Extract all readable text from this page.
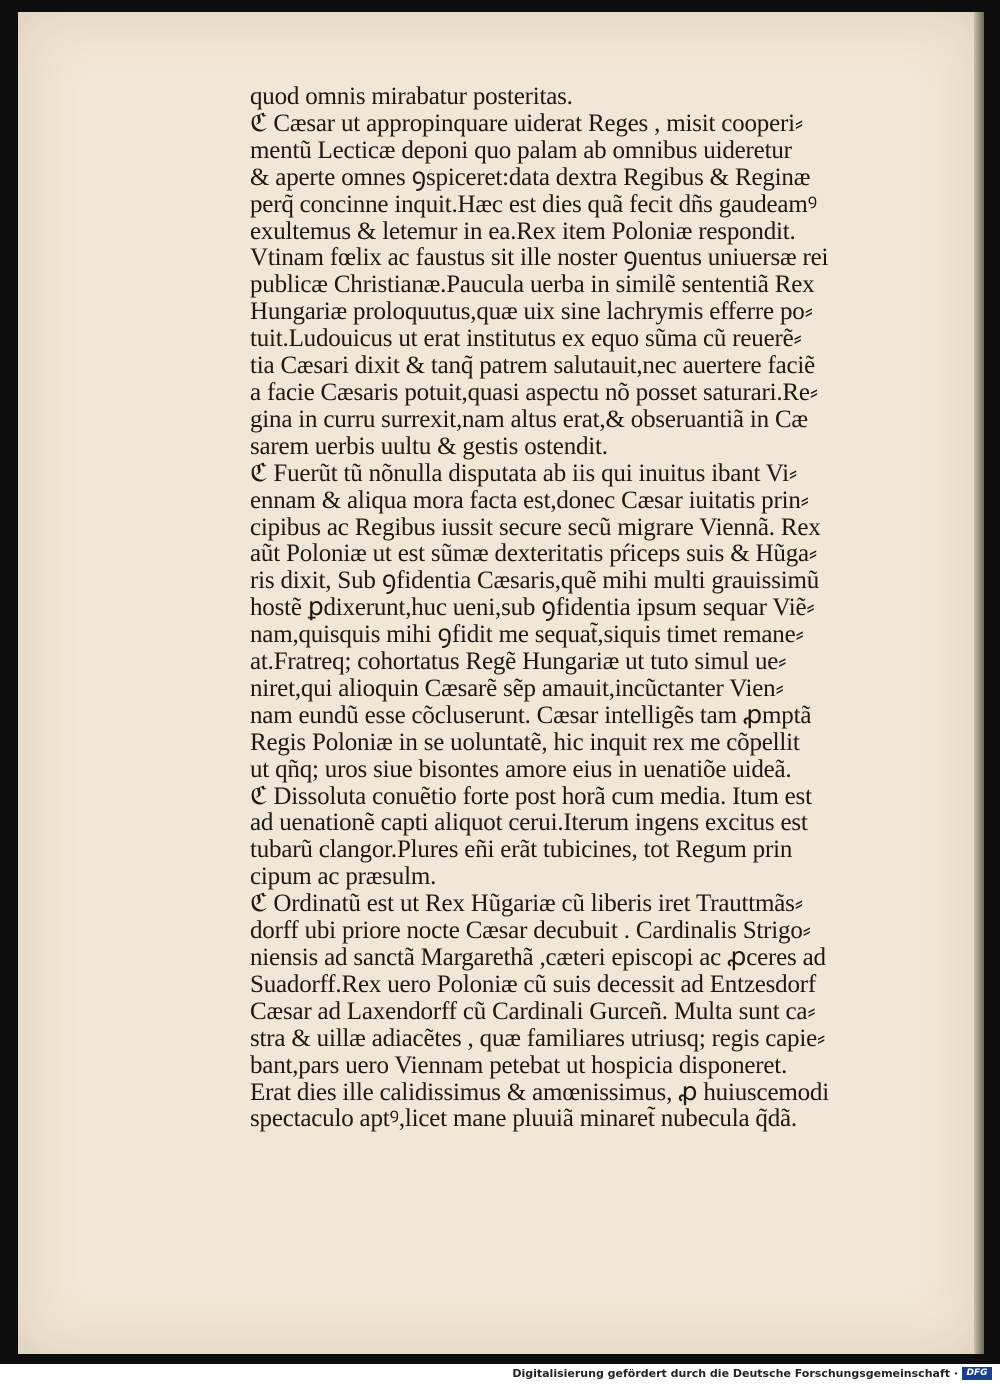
quod omnis mirabatur posteritas.
ℭ Cæsar ut appropinquare uiderat Reges , misit cooperi⸗
mentũ Lecticæ deponi quo palam ab omnibus uideretur
& aperte omnes ꝯspiceret:data dextra Regibus & Reginæ
perq̃ concinne inquit.Hæc est dies quã fecit dñs gaudeamꝰ
exultemus & letemur in ea.Rex item Poloniæ respondit.
Vtinam fœlix ac faustus sit ille noster ꝯuentus uniuersæ rei
publicæ Christianæ.Paucula uerba in similẽ sententiã Rex
Hungariæ proloquutus,quæ uix sine lachrymis efferre po⸗
tuit.Ludouicus ut erat institutus ex equo sũma cũ reuerẽ⸗
tia Cæsari dixit & tanq̃ patrem salutauit,nec auertere faciẽ
a facie Cæsaris potuit,quasi aspectu nõ posset saturari.Re⸗
gina in curru surrexit,nam altus erat,& obseruantiã in Cæ
sarem uerbis uultu & gestis ostendit.
ℭ Fuerũt tũ nõnulla disputata ab iis qui inuitus ibant Vi⸗
ennam & aliqua mora facta est,donec Cæsar iuitatis prin⸗
cipibus ac Regibus iussit secure secũ migrare Viennã. Rex
aũt Poloniæ ut est sũmæ dexteritatis pŕiceps suis & Hũga⸗
ris dixit, Sub ꝯfidentia Cæsaris,quẽ mihi multi grauissimũ
hostẽ ꝑdixerunt,huc ueni,sub ꝯfidentia ipsum sequar Viẽ⸗
nam,quisquis mihi ꝯfidit me sequat̃,siquis timet remane⸗
at.Fratreq; cohortatus Regẽ Hungariæ ut tuto simul ue⸗
niret,qui alioquin Cæsarẽ sẽp amauit,incũctanter Vien⸗
nam eundũ esse cõcluserunt. Cæsar intelligẽs tam ꝓmptã
Regis Poloniæ in se uoluntatẽ, hic inquit rex me cõpellit
ut qñq; uros siue bisontes amore eius in uenatiõe uideã.
ℭ Dissoluta conuẽtio forte post horã cum media. Itum est
ad uenationẽ capti aliquot cerui.Iterum ingens excitus est
tubarũ clangor.Plures eñi erãt tubicines, tot Regum prin
cipum ac præsulm.
ℭ Ordinatũ est ut Rex Hũgariæ cũ liberis iret Trauttmãs⸗
dorff ubi priore nocte Cæsar decubuit . Cardinalis Strigo⸗
niensis ad sanctã Margarethã ,cæteri episcopi ac ꝓceres ad
Suadorff.Rex uero Poloniæ cũ suis decessit ad Entzesdorf
Cæsar ad Laxendorff cũ Cardinali Gurceñ. Multa sunt ca⸗
stra & uillæ adiacẽtes , quæ familiares utriusq; regis capie⸗
bant,pars uero Viennam petebat ut hospicia disponeret.
Erat dies ille calidissimus & amœnissimus, ꝓ huiuscemodi
spectaculo aptꝰ,licet mane pluuiã minaret̃ nubecula q̃dã.
Digitalisierung gefördert durch die Deutsche Forschungsgemeinschaft · DFG
